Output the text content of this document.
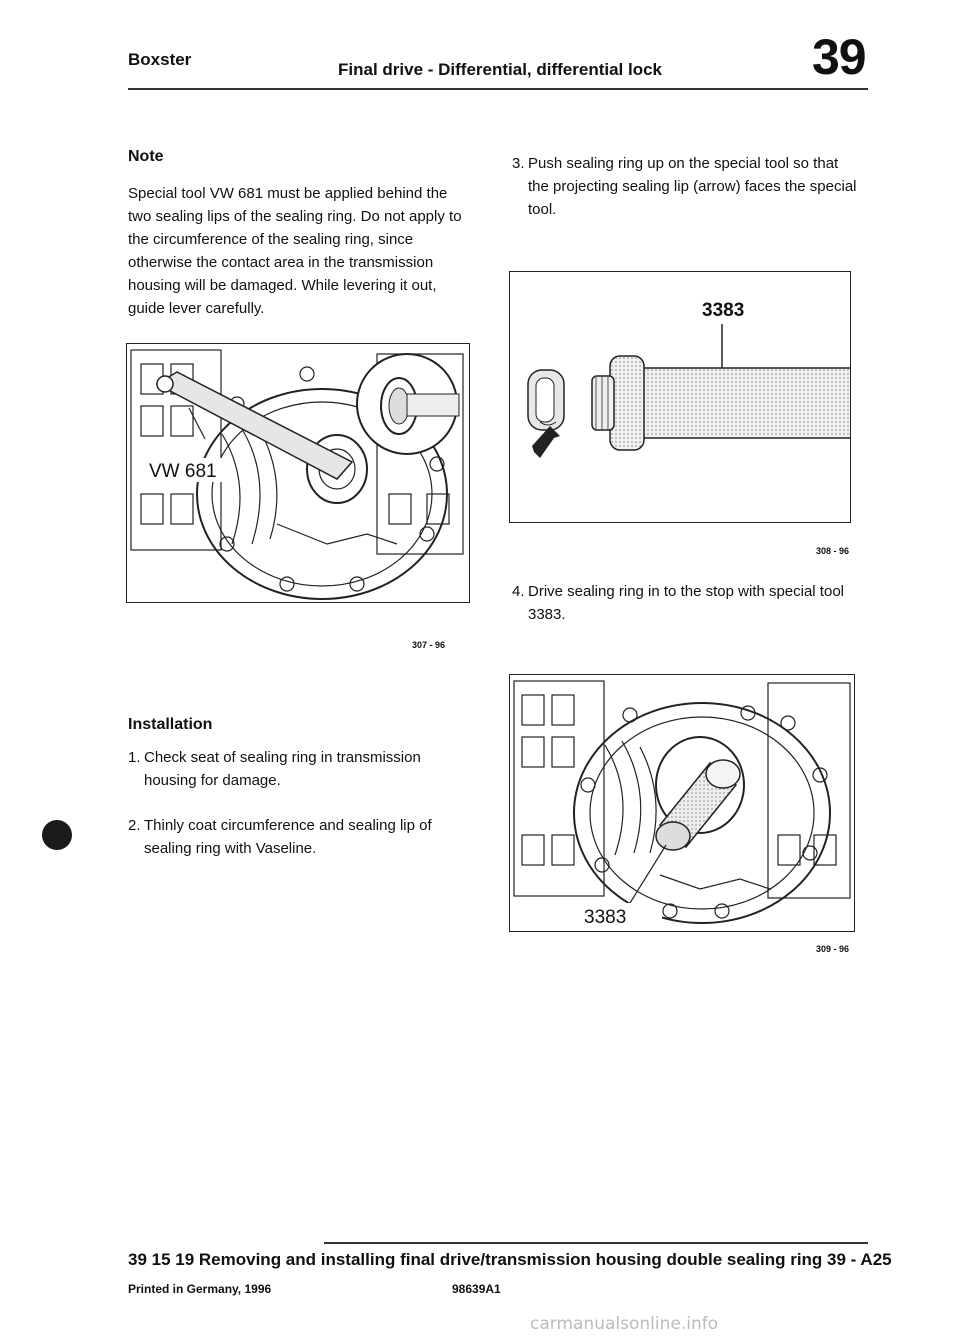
Boxster
Final drive - Differential, differential lock	39
Note
Special tool VW 681 must be applied behind the two sealing lips of the sealing ring. Do not apply to the circumference of the sealing ring, since otherwise the contact area in the transmission housing will be damaged. While levering it out, guide lever carefully.
VW 681
307 - 96
Installation
1. Check seat of sealing ring in transmission housing for damage.
2. Thinly coat circumference and sealing lip of sealing ring with Vaseline.
3. Push sealing ring up on the special tool so that the projecting sealing lip (arrow) faces the special tool.
3383
308 - 96
4. Drive sealing ring in to the stop with special tool 3383.
3383
309 - 96
39 15 19 Removing and installing final drive/transmission housing double sealing ring 39 - A25
Printed in Germany, 1996	98639A1
carmanualsonline.info
